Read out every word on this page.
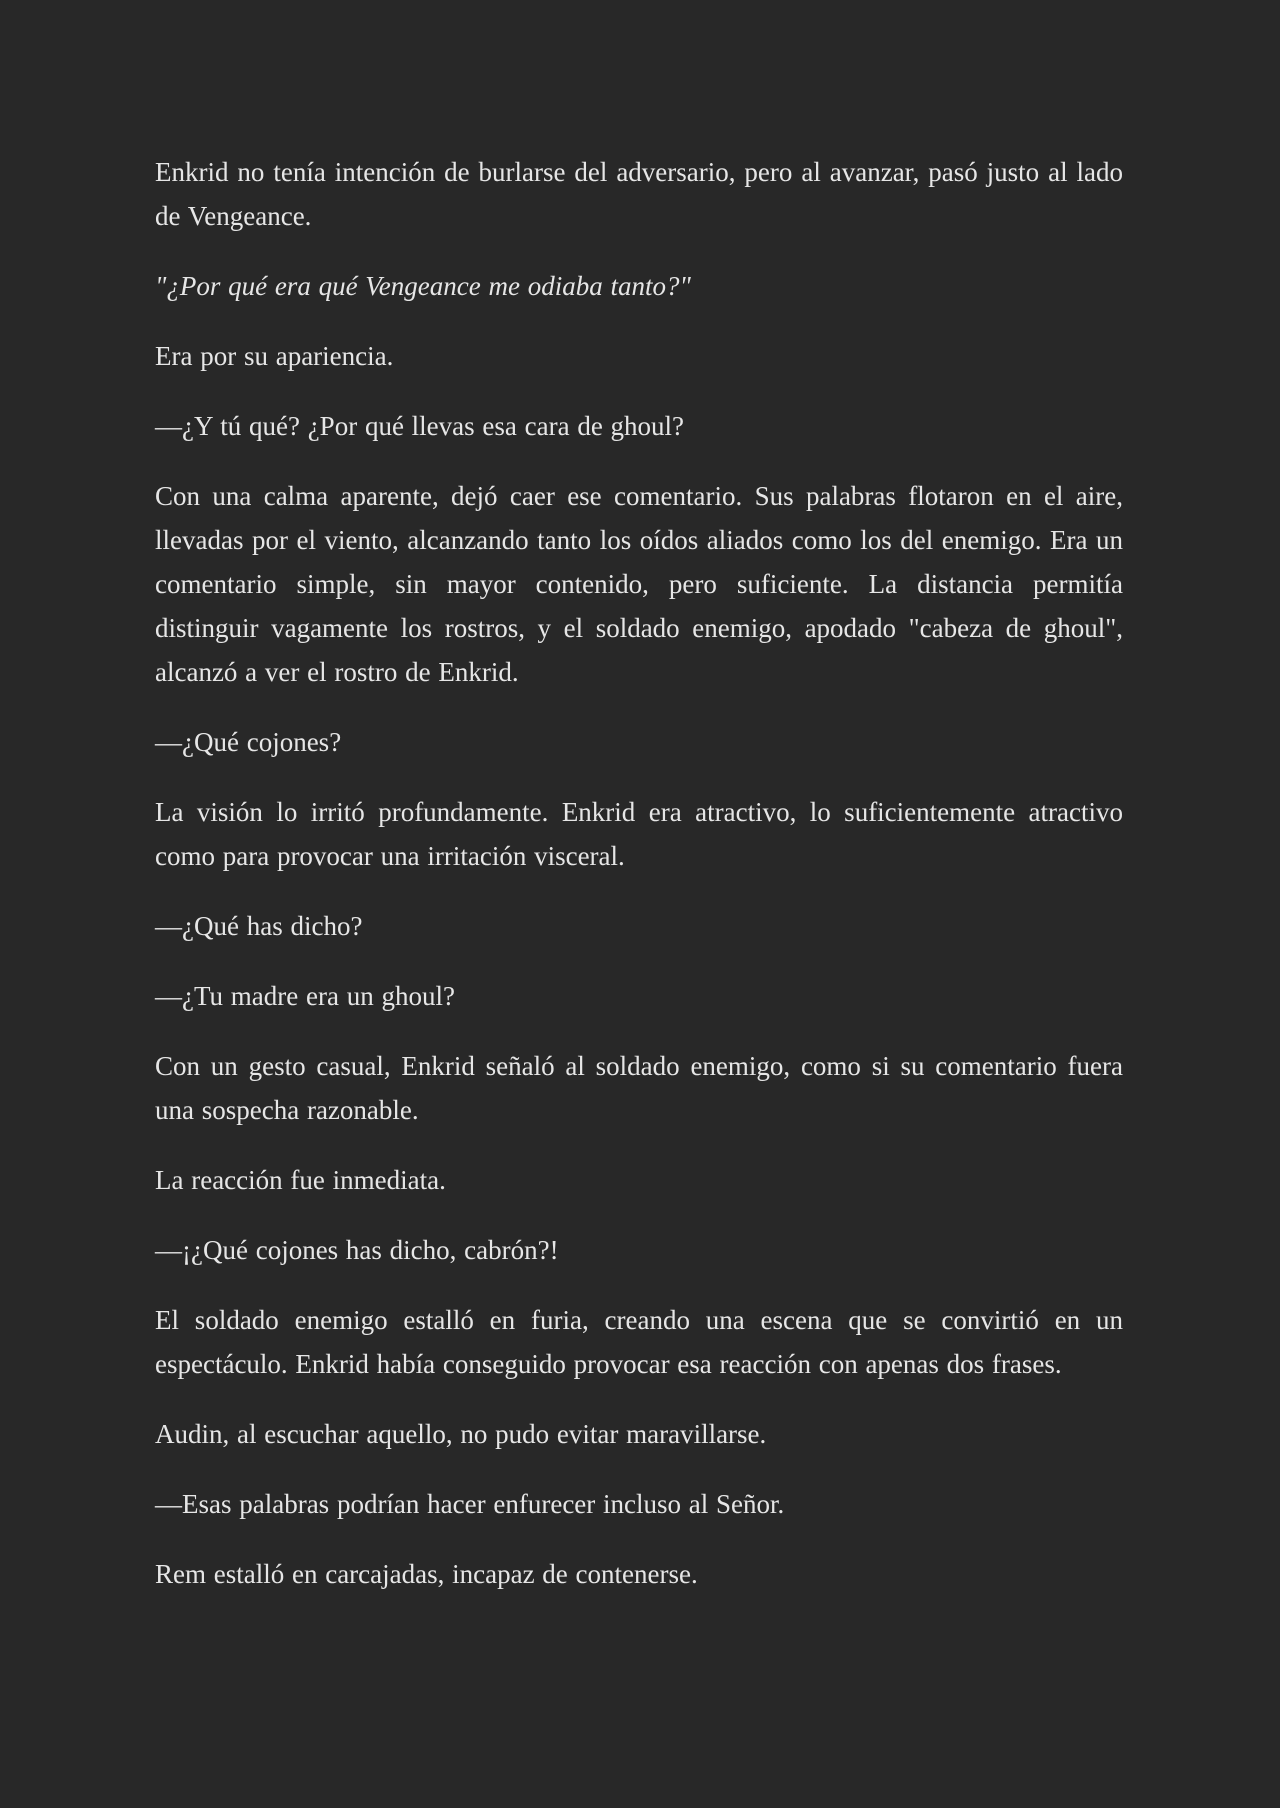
Enkrid no tenía intención de burlarse del adversario, pero al avanzar, pasó justo al lado de Vengeance.

"¿Por qué era qué Vengeance me odiaba tanto?"

Era por su apariencia.

—¿Y tú qué? ¿Por qué llevas esa cara de ghoul?

Con una calma aparente, dejó caer ese comentario. Sus palabras flotaron en el aire, llevadas por el viento, alcanzando tanto los oídos aliados como los del enemigo. Era un comentario simple, sin mayor contenido, pero suficiente. La distancia permitía distinguir vagamente los rostros, y el soldado enemigo, apodado "cabeza de ghoul", alcanzó a ver el rostro de Enkrid.

—¿Qué cojones?

La visión lo irritó profundamente. Enkrid era atractivo, lo suficientemente atractivo como para provocar una irritación visceral.

—¿Qué has dicho?

—¿Tu madre era un ghoul?

Con un gesto casual, Enkrid señaló al soldado enemigo, como si su comentario fuera una sospecha razonable.

La reacción fue inmediata.

—¡¿Qué cojones has dicho, cabrón?!

El soldado enemigo estalló en furia, creando una escena que se convirtió en un espectáculo. Enkrid había conseguido provocar esa reacción con apenas dos frases.

Audin, al escuchar aquello, no pudo evitar maravillarse.

—Esas palabras podrían hacer enfurecer incluso al Señor.

Rem estalló en carcajadas, incapaz de contenerse.
